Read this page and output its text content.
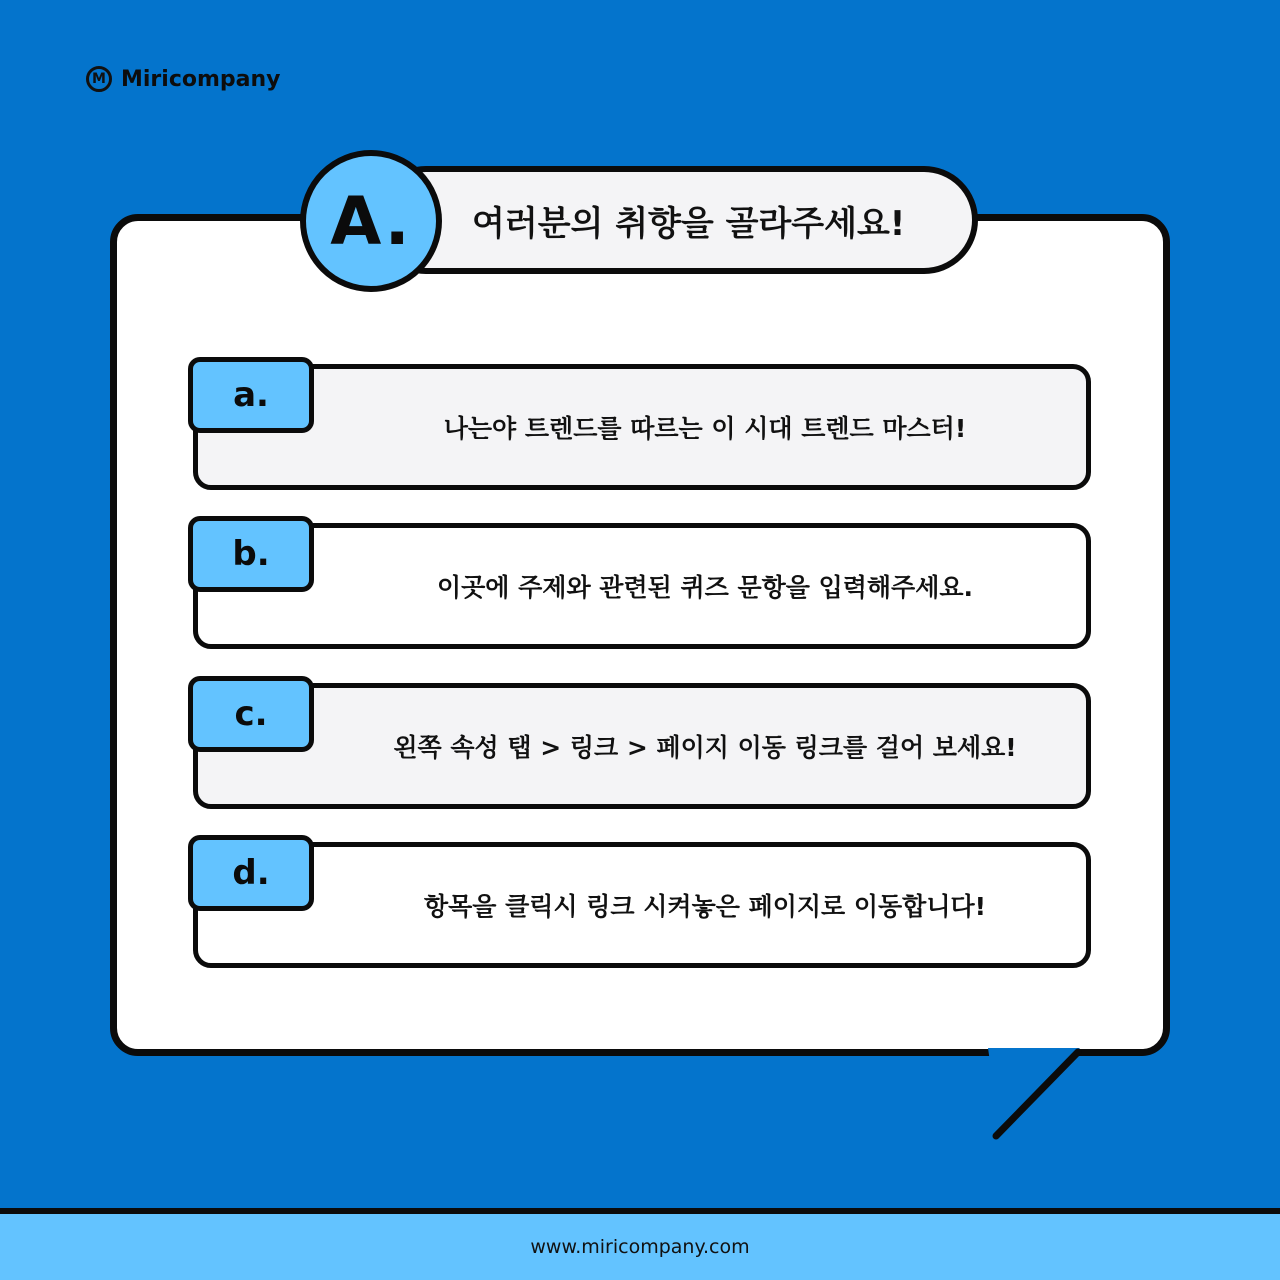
M Miricompany
여러분의 취향을 골라주세요!
A.
나는야 트렌드를 따르는 이 시대 트렌드 마스터!
a.
이곳에 주제와 관련된 퀴즈 문항을 입력해주세요.
b.
왼쪽 속성 탭 > 링크 > 페이지 이동 링크를 걸어 보세요!
c.
항목을 클릭시 링크 시켜놓은 페이지로 이동합니다!
d.
www.miricompany.com
